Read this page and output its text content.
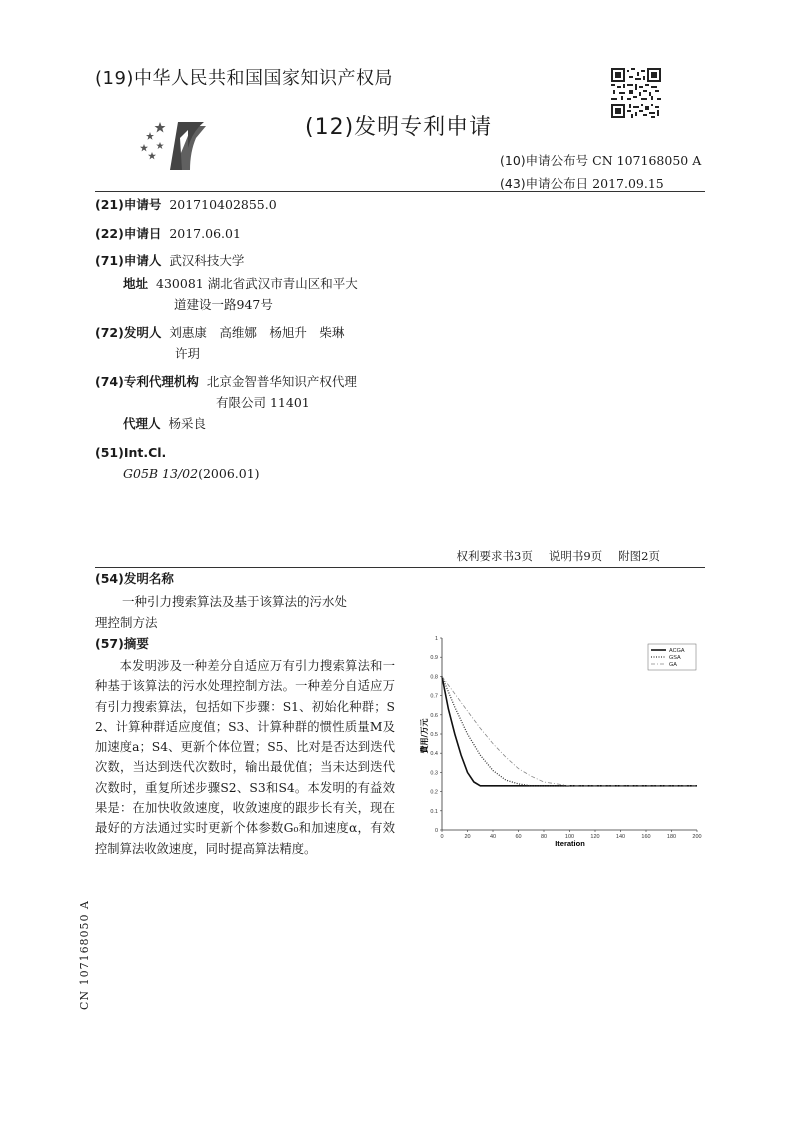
(19)中华人民共和国国家知识产权局
(12)发明专利申请
(10)申请公布号 CN 107168050 A
(43)申请公布日 2017.09.15
(21)申请号 201710402855.0
(22)申请日 2017.06.01
(71)申请人 武汉科技大学
地址 430081 湖北省武汉市青山区和平大
道建设一路947号
(72)发明人 刘惠康　高维娜　杨旭升　柴琳
许玥
(74)专利代理机构 北京金智普华知识产权代理
有限公司 11401
代理人 杨采良
(51)Int.Cl.
G05B 13/02(2006.01)
权利要求书3页 说明书9页 附图2页
(54)发明名称
一种引力搜索算法及基于该算法的污水处
理控制方法
(57)摘要
本发明涉及一种差分自适应万有引力搜索算法和一种基于该算法的污水处理控制方法。一种差分自适应万有引力搜索算法，包括如下步骤：S1、初始化种群；S2、计算种群适应度值；S3、计算种群的惯性质量M及加速度a；S4、更新个体位置；S5、比对是否达到迭代次数，当达到迭代次数时，输出最优值；当未达到迭代次数时，重复所述步骤S2、S3和S4。本发明的有益效果是：在加快收敛速度，收敛速度的跟步长有关，现在最好的方法通过实时更新个体参数G₀和加速度α，有效控制算法收敛速度，同时提高算法精度。
CN 107168050 A
0	20	40	60	80	100	120	140	160	180	200
0
0.1
0.2
0.3
0.4
0.5
0.6
0.7
0.8
0.9
1
ACGA
GSA
GA
Iteration
費用/万元
